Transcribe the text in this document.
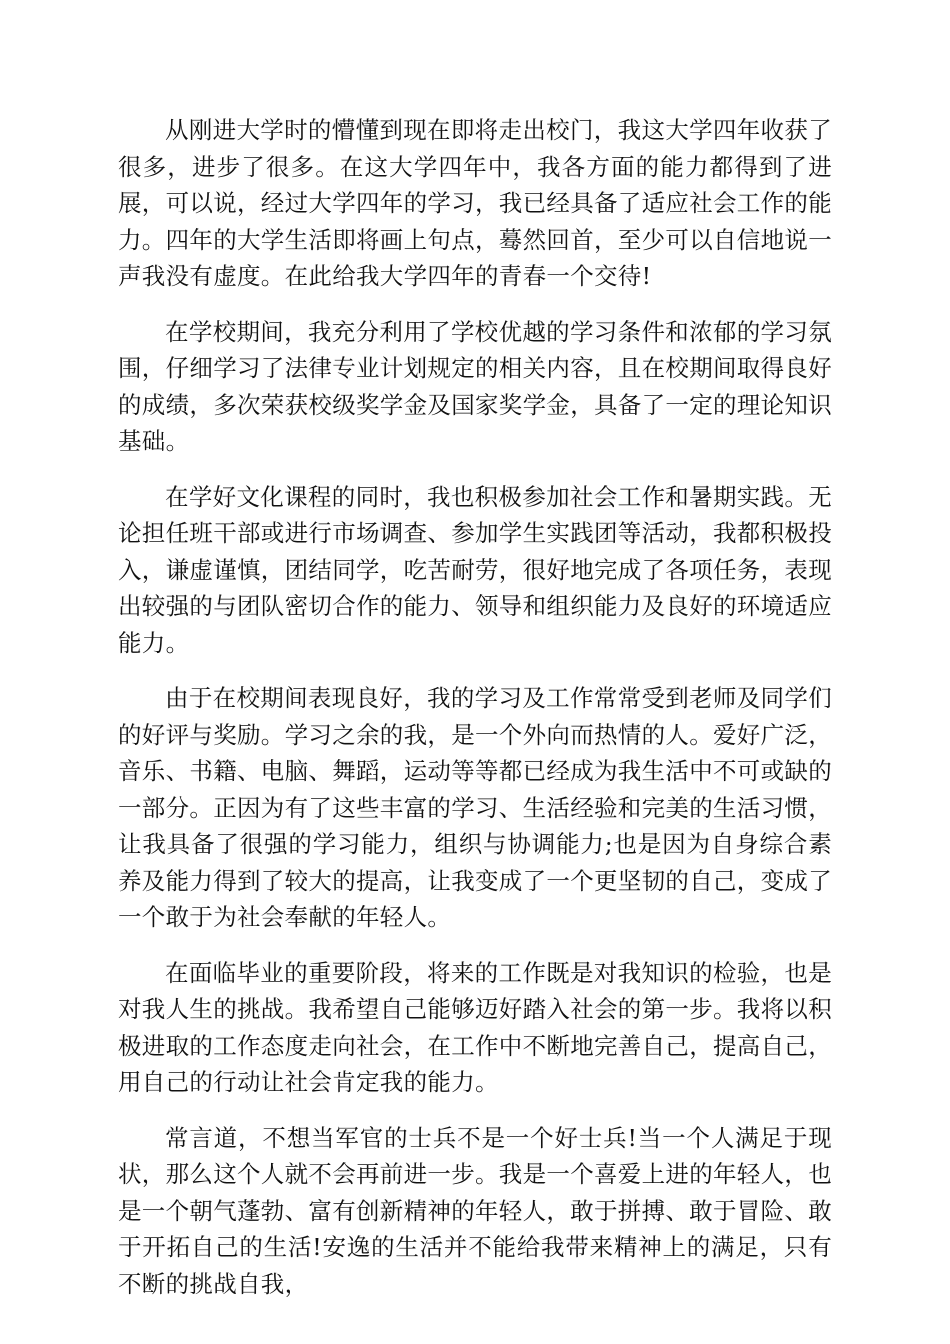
从刚进大学时的懵懂到现在即将走出校门，我这大学四年收获了很多，进步了很多。在这大学四年中，我各方面的能力都得到了进展，可以说，经过大学四年的学习，我已经具备了适应社会工作的能力。四年的大学生活即将画上句点，蓦然回首，至少可以自信地说一声我没有虚度。在此给我大学四年的青春一个交待!

在学校期间，我充分利用了学校优越的学习条件和浓郁的学习氛围，仔细学习了法律专业计划规定的相关内容，且在校期间取得良好的成绩，多次荣获校级奖学金及国家奖学金，具备了一定的理论知识基础。

在学好文化课程的同时，我也积极参加社会工作和暑期实践。无论担任班干部或进行市场调查、参加学生实践团等活动，我都积极投入，谦虚谨慎，团结同学，吃苦耐劳，很好地完成了各项任务，表现出较强的与团队密切合作的能力、领导和组织能力及良好的环境适应能力。

由于在校期间表现良好，我的学习及工作常常受到老师及同学们的好评与奖励。学习之余的我，是一个外向而热情的人。爱好广泛，音乐、书籍、电脑、舞蹈，运动等等都已经成为我生活中不可或缺的一部分。正因为有了这些丰富的学习、生活经验和完美的生活习惯，让我具备了很强的学习能力，组织与协调能力;也是因为自身综合素养及能力得到了较大的提高，让我变成了一个更坚韧的自己，变成了一个敢于为社会奉献的年轻人。

在面临毕业的重要阶段，将来的工作既是对我知识的检验，也是对我人生的挑战。我希望自己能够迈好踏入社会的第一步。我将以积极进取的工作态度走向社会，在工作中不断地完善自己，提高自己，用自己的行动让社会肯定我的能力。

常言道，不想当军官的士兵不是一个好士兵!当一个人满足于现状，那么这个人就不会再前进一步。我是一个喜爱上进的年轻人，也是一个朝气蓬勃、富有创新精神的年轻人，敢于拼搏、敢于冒险、敢于开拓自己的生活!安逸的生活并不能给我带来精神上的满足，只有不断的挑战自我，
